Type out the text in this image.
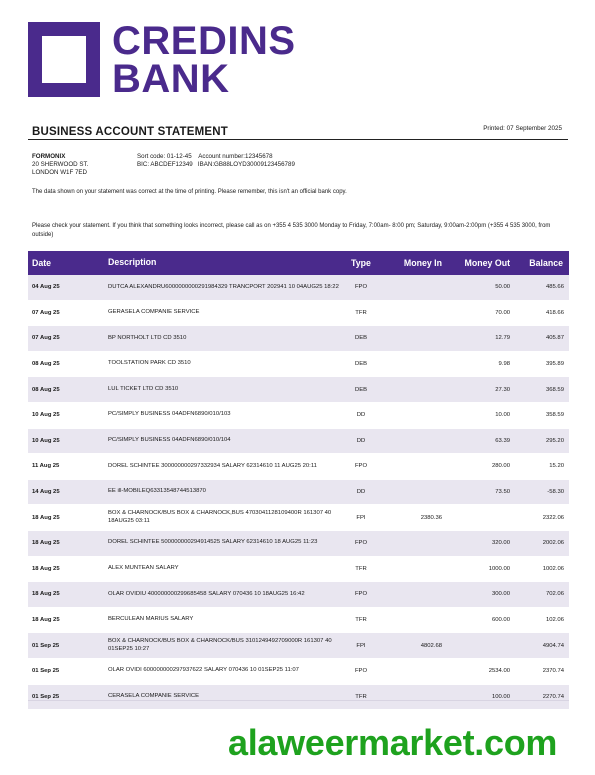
CREDINS
BANK
BUSINESS ACCOUNT STATEMENT	Printed: 07 September 2025
FORMONIX
20 SHERWOOD ST.
LONDON W1F 7ED
Sort code: 01-12-45    Account number:12345678
BIC: ABCDEF12349   IBAN:GB88LOYD30009123456789
The data shown on your statement was correct at the time of printing. Please remember, this isn't an official bank copy.
Please check your statement. If you think that something looks incorrect, please call as on +355 4 535 3000 Monday to Friday, 7:00am- 8:00 pm; Saturday, 9:00am-2:00pm (+355 4 535 3000, from outside)
Date	Description	Type	Money In	Money Out	Balance
04 Aug 25	DUTCA ALEXANDRU6000000000291984329 TRANCPORT 202941 10 04AUG25 18:22	FPO		50.00	485.66
07 Aug 25	GERASELA COMPANIE SERVICE	TFR		70.00	418.66
07 Aug 25	BP NORTHOLT LTD CD 3510	DEB		12.79	405.87
08 Aug 25	TOOLSTATION PARK CD 3510	DEB		9.98	395.89
08 Aug 25	LUL TICKET LTD CD 3510	DEB		27.30	368.59
10 Aug 25	PC/SIMPLY BUSINESS 04ADFN6890/010/103	DD		10.00	358.59
10 Aug 25	PC/SIMPLY BUSINESS 04ADFN6890/010/104	DD		63.39	295.20
11 Aug 25	DOREL SCHINTEE 300000000297332934 SALARY 62314610 11 AUG25 20:11	FPO		280.00	15.20
14 Aug 25	EE ill-MOBILEQ63313548744513870	DD		73.50	-58.30
18 Aug 25	BOX & CHARNOCK/BUS BOX & CHARNOCK,BUS 4703041128109400R 161307 40 18AUG25 03:11	FPI	2380.36		2322.06
18 Aug 25	DOREL SCHINTEE 500000000294914525 SALARY 62314610 18 AUG25 11:23	FPO		320.00	2002.06
18 Aug 25	ALEX MUNTEAN SALARY	TFR		1000.00	1002.06
18 Aug 25	OLAR OVIDIU 400000000299685458 SALARY 070436 10 18AUG25 16:42	FPO		300.00	702.06
18 Aug 25	BERCULEAN MARIUS SALARY	TFR		600.00	102.06
01 Sep 25	BOX & CHARNOCK/BUS BOX & CHARNOCK/BUS 3101249492709000R 161307 40 01SEP25 10:27	FPI	4802.68		4904.74
01 Sep 25	OLAR OVIDI 600000000297937622 SALARY 070436 10 01SEP25 11:07	FPO		2534.00	2370.74
01 Sep 25	CERASELA COMPANIE SERVICE	TFR		100.00	2270.74
alaweermarket.com
